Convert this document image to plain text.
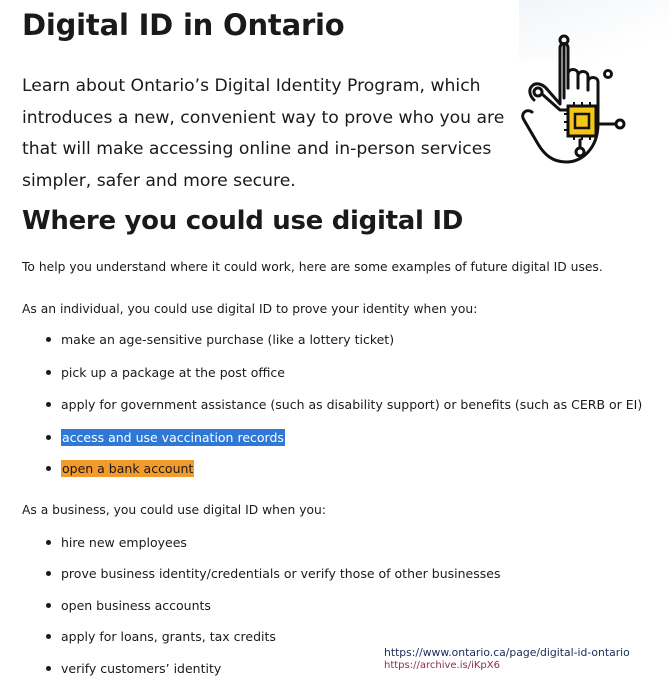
Digital ID in Ontario

Learn about Ontario’s Digital Identity Program, which introduces a new, convenient way to prove who you are that will make accessing online and in-person services simpler, safer and more secure.

Where you could use digital ID

To help you understand where it could work, here are some examples of future digital ID uses.

As an individual, you could use digital ID to prove your identity when you:

make an age-sensitive purchase (like a lottery ticket)
pick up a package at the post office
apply for government assistance (such as disability support) or benefits (such as CERB or EI)
access and use vaccination records
open a bank account

As a business, you could use digital ID when you:

hire new employees
prove business identity/credentials or verify those of other businesses
open business accounts
apply for loans, grants, tax credits
verify customers’ identity
https://www.ontario.ca/page/digital-id-ontario
https://archive.is/iKpX6
